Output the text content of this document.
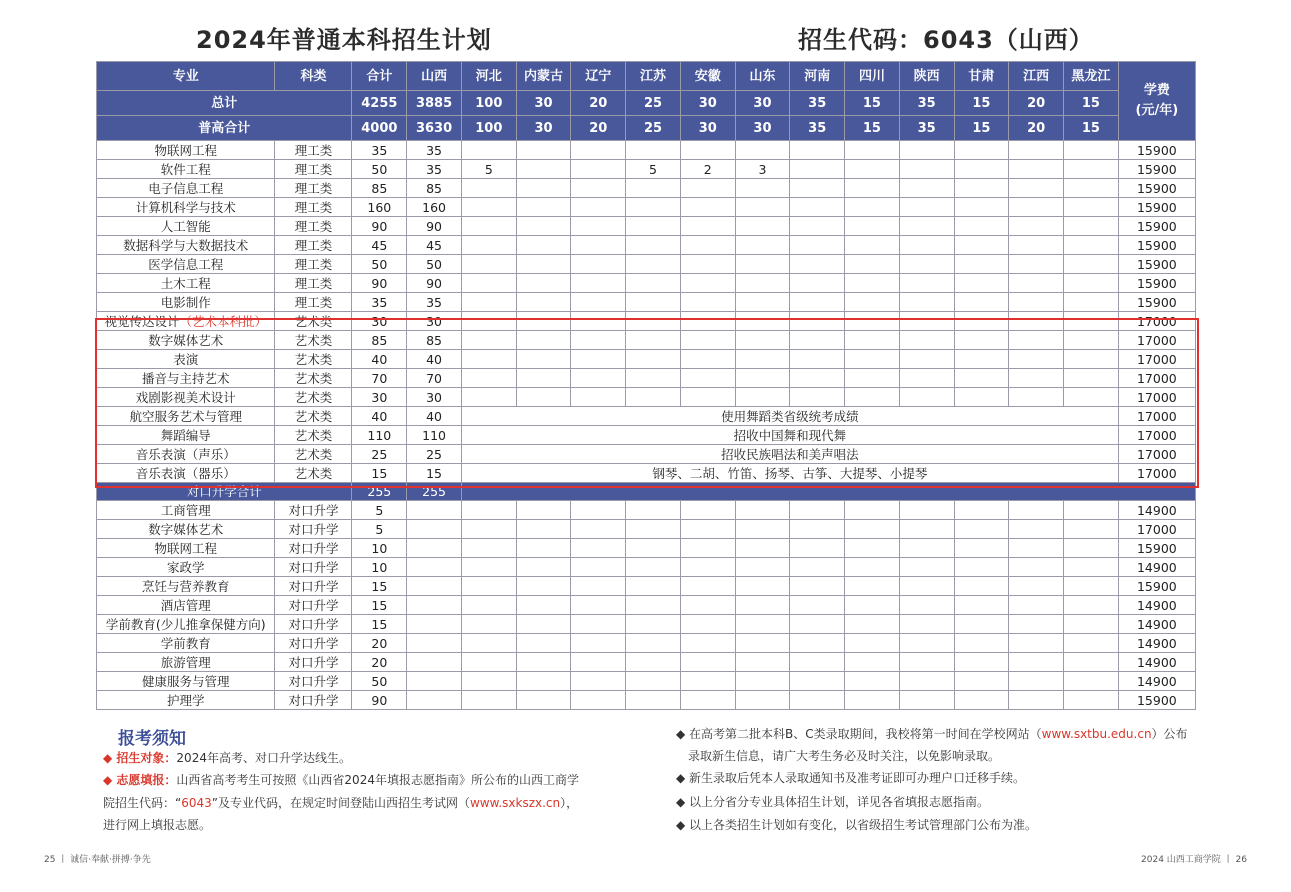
2024年普通本科招生计划	招生代码：6043（山西）
专业	科类	合计	山西	河北	内蒙古	辽宁	江苏	安徽	山东	河南	四川	陕西	甘肃	江西	黑龙江	学费
(元/年)
总计		4255	3885	100	30	20	25	30	30	35	15	35	15	20	15	
普高合计		4000	3630	100	30	20	25	30	30	35	15	35	15	20	15	
物联网工程	理工类	35	35													15900
软件工程	理工类	50	35	5			5	2	3							15900
电子信息工程	理工类	85	85													15900
计算机科学与技术	理工类	160	160													15900
人工智能	理工类	90	90													15900
数据科学与大数据技术	理工类	45	45													15900
医学信息工程	理工类	50	50													15900
土木工程	理工类	90	90													15900
电影制作	理工类	35	35													15900
视觉传达设计（艺术本科批）	艺术类	30	30													17000
数字媒体艺术	艺术类	85	85													17000
表演	艺术类	40	40													17000
播音与主持艺术	艺术类	70	70													17000
戏剧影视美术设计	艺术类	30	30													17000
航空服务艺术与管理	艺术类	40	40	使用舞蹈类省级统考成绩												17000
舞蹈编导	艺术类	110	110	招收中国舞和现代舞												17000
音乐表演（声乐）	艺术类	25	25	招收民族唱法和美声唱法												17000
音乐表演（器乐）	艺术类	15	15	钢琴、二胡、竹笛、扬琴、古筝、大提琴、小提琴												17000
对口升学合计		255	255													
工商管理	对口升学	5														14900
数字媒体艺术	对口升学	5														17000
物联网工程	对口升学	10														15900
家政学	对口升学	10														14900
烹饪与营养教育	对口升学	15														15900
酒店管理	对口升学	15														14900
学前教育(少儿推拿保健方向)	对口升学	15														14900
学前教育	对口升学	20														14900
旅游管理	对口升学	20														14900
健康服务与管理	对口升学	50														14900
护理学	对口升学	90														15900
报考须知
◆ 招生对象：2024年高考、对口升学达线生。
◆ 志愿填报：山西省高考考生可按照《山西省2024年填报志愿指南》所公布的山西工商学
院招生代码：“6043”及专业代码，在规定时间登陆山西招生考试网（www.sxkszx.cn），
进行网上填报志愿。
◆ 在高考第二批本科B、C类录取期间，我校将第一时间在学校网站（www.sxtbu.edu.cn）公布
录取新生信息，请广大考生务必及时关注，以免影响录取。
◆ 新生录取后凭本人录取通知书及准考证即可办理户口迁移手续。
◆ 以上分省分专业具体招生计划，详见各省填报志愿指南。
◆ 以上各类招生计划如有变化，以省级招生考试管理部门公布为准。
25 丨 诚信·奉献·拼搏·争先	2024 山西工商学院 丨 26
